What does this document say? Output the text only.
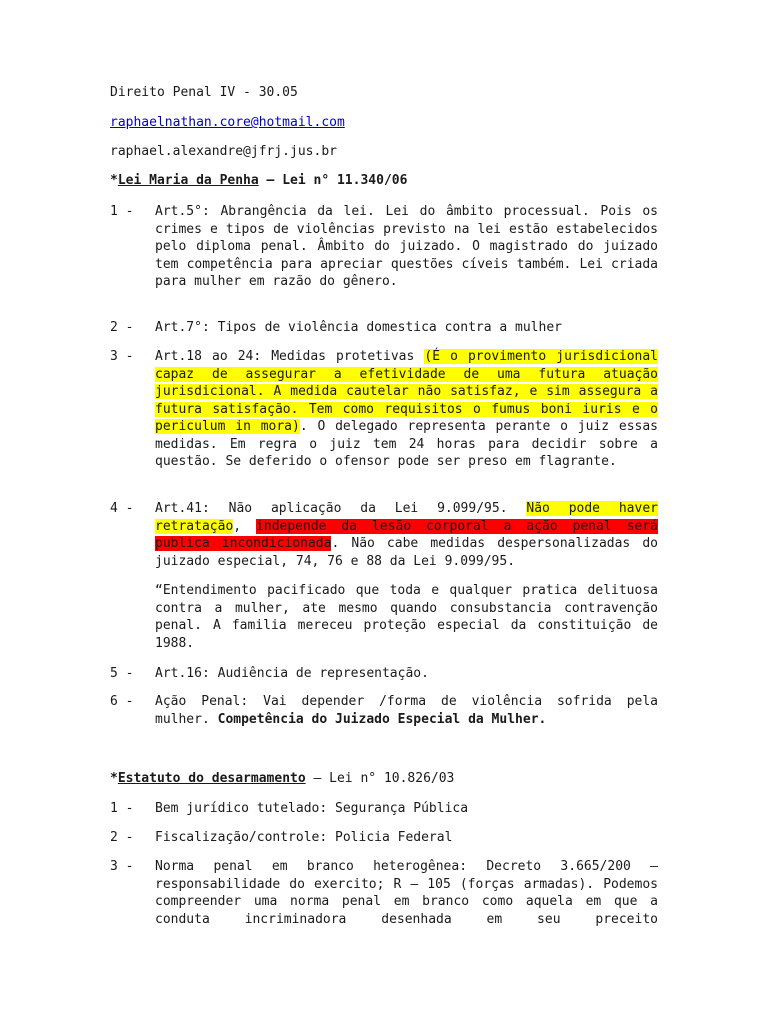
Direito Penal IV - 30.05
raphaelnathan.core@hotmail.com
raphael.alexandre@jfrj.jus.br
*Lei Maria da Penha – Lei n° 11.340/06
1 - Art.5°: Abrangência da lei. Lei do âmbito processual. Pois os crimes e tipos de violências previsto na lei estão estabelecidos pelo diploma penal. Âmbito do juizado. O magistrado do juizado tem competência para apreciar questões cíveis também. Lei criada para mulher em razão do gênero.
2 - Art.7°: Tipos de violência domestica contra a mulher
3 - Art.18 ao 24: Medidas protetivas (É o provimento jurisdicional capaz de assegurar a efetividade de uma futura atuação jurisdicional. A medida cautelar não satisfaz, e sim assegura a futura satisfação. Tem como requisitos o fumus boni iuris e o periculum in mora). O delegado representa perante o juiz essas medidas. Em regra o juiz tem 24 horas para decidir sobre a questão. Se deferido o ofensor pode ser preso em flagrante.
4 - Art.41: Não aplicação da Lei 9.099/95. Não pode haver retratação, independe da lesão corporal a ação penal será publica incondicionada. Não cabe medidas despersonalizadas do juizado especial, 74, 76 e 88 da Lei 9.099/95.
“Entendimento pacificado que toda e qualquer pratica delituosa contra a mulher, ate mesmo quando consubstancia contravenção penal. A familia mereceu proteção especial da constituição de 1988.
5 - Art.16: Audiência de representação.
6 - Ação Penal: Vai depender /forma de violência sofrida pela mulher. Competência do Juizado Especial da Mulher.
*Estatuto do desarmamento – Lei n° 10.826/03
1 - Bem jurídico tutelado: Segurança Pública
2 - Fiscalização/controle: Policia Federal
3 - Norma penal em branco heterogênea: Decreto 3.665/200 – responsabilidade do exercito; R – 105 (forças armadas). Podemos compreender uma norma penal em branco como aquela em que a conduta incriminadora desenhada em seu preceito
